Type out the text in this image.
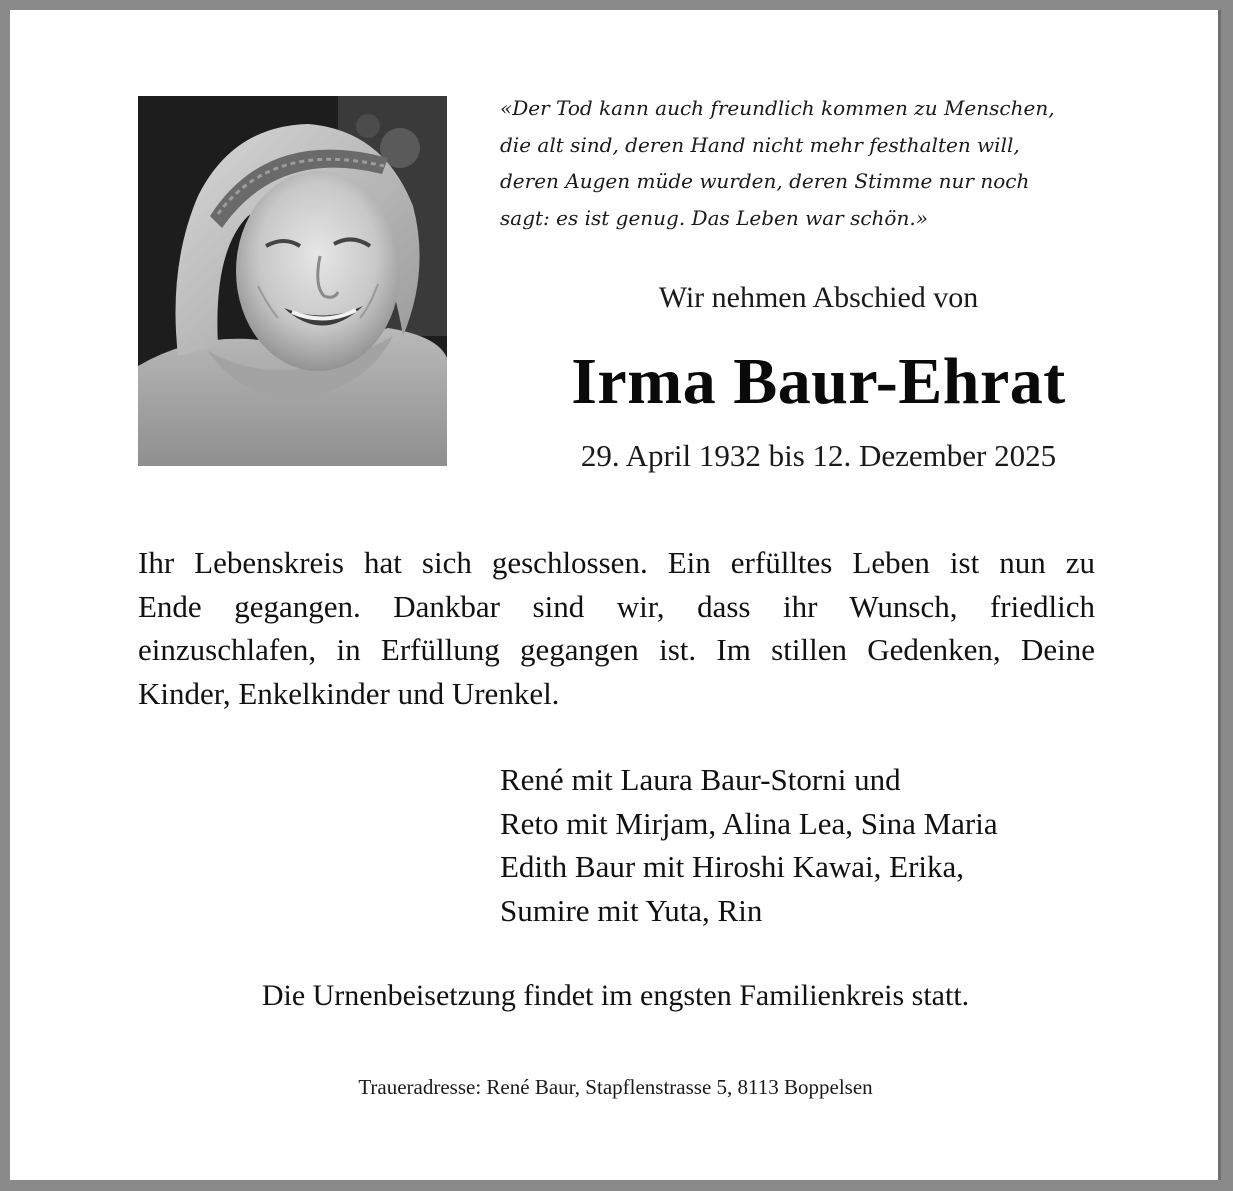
«Der Tod kann auch freundlich kommen zu Menschen,
die alt sind, deren Hand nicht mehr festhalten will,
deren Augen müde wurden, deren Stimme nur noch
sagt: es ist genug. Das Leben war schön.»
Wir nehmen Abschied von
Irma Baur-Ehrat
29. April 1932 bis 12. Dezember 2025
Ihr Lebenskreis hat sich geschlossen. Ein erfülltes Leben ist nun zu
Ende gegangen. Dankbar sind wir, dass ihr Wunsch, friedlich
einzuschlafen, in Erfüllung gegangen ist. Im stillen Gedenken, Deine
Kinder, Enkelkinder und Urenkel.
René mit Laura Baur-Storni und
Reto mit Mirjam, Alina Lea, Sina Maria
Edith Baur mit Hiroshi Kawai, Erika,
Sumire mit Yuta, Rin
Die Urnenbeisetzung findet im engsten Familienkreis statt.
Traueradresse: René Baur, Stapflenstrasse 5, 8113 Boppelsen
